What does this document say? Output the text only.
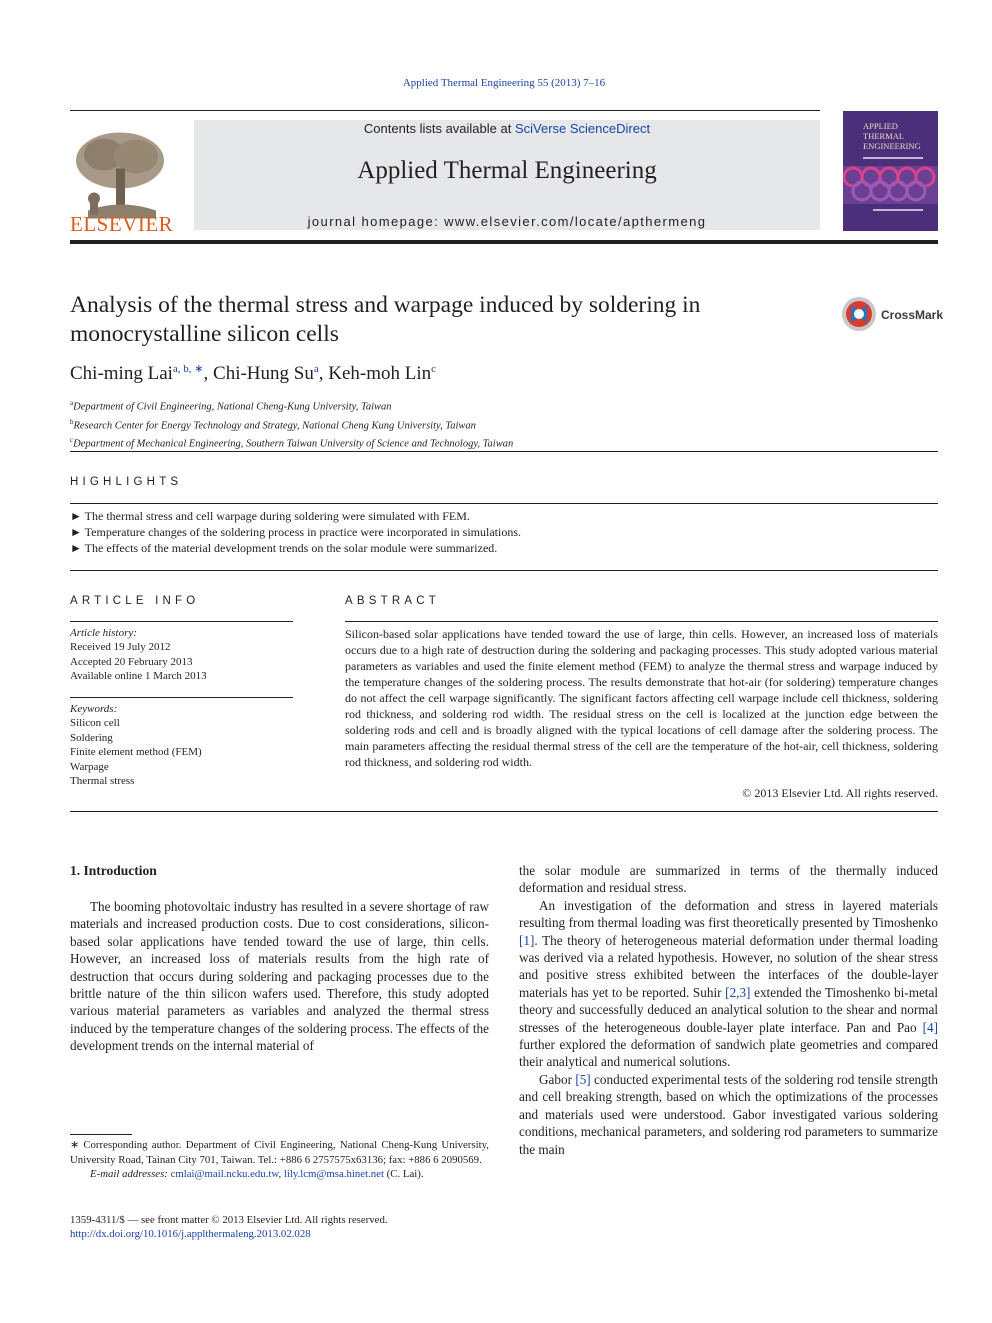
Applied Thermal Engineering 55 (2013) 7–16
ELSEVIER
Contents lists available at SciVerse ScienceDirect
Applied Thermal Engineering
journal homepage: www.elsevier.com/locate/apthermeng
APPLIED
THERMAL
ENGINEERING
Analysis of the thermal stress and warpage induced by soldering in monocrystalline silicon cells
CrossMark
Chi-ming Lai$^{a, b, ∗}$, Chi-Hung Su$^a$, Keh-moh Lin$^c$
$^a$Department of Civil Engineering, National Cheng-Kung University, Taiwan
$^b$Research Center for Energy Technology and Strategy, National Cheng Kung University, Taiwan
$^c$Department of Mechanical Engineering, Southern Taiwan University of Science and Technology, Taiwan
HIGHLIGHTS
► The thermal stress and cell warpage during soldering were simulated with FEM.
► Temperature changes of the soldering process in practice were incorporated in simulations.
► The effects of the material development trends on the solar module were summarized.
ARTICLE INFO
Article history:
Received 19 July 2012
Accepted 20 February 2013
Available online 1 March 2013
Keywords:
Silicon cell
Soldering
Finite element method (FEM)
Warpage
Thermal stress
ABSTRACT
Silicon-based solar applications have tended toward the use of large, thin cells. However, an increased loss of materials occurs due to a high rate of destruction during the soldering and packaging processes. This study adopted various material parameters as variables and used the finite element method (FEM) to analyze the thermal stress and warpage induced by the temperature changes of the soldering process. The results demonstrate that hot-air (for soldering) temperature changes do not affect the cell warpage significantly. The significant factors affecting cell warpage include cell thickness, soldering rod thickness, and soldering rod width. The residual stress on the cell is localized at the junction edge between the soldering rods and cell and is broadly aligned with the typical locations of cell damage after the soldering process. The main parameters affecting the residual thermal stress of the cell are the temperature of the hot-air, cell thickness, soldering rod thickness, and soldering rod width.
© 2013 Elsevier Ltd. All rights reserved.
1. Introduction

The booming photovoltaic industry has resulted in a severe shortage of raw materials and increased production costs. Due to cost considerations, silicon-based solar applications have tended toward the use of large, thin cells. However, an increased loss of materials results from the high rate of destruction that occurs during soldering and packaging processes due to the brittle nature of the thin silicon wafers used. Therefore, this study adopted various material parameters as variables and analyzed the thermal stress induced by the temperature changes of the soldering process. The effects of the development trends on the internal material of

the solar module are summarized in terms of the thermally induced deformation and residual stress.

An investigation of the deformation and stress in layered materials resulting from thermal loading was first theoretically presented by Timoshenko [1]. The theory of heterogeneous material deformation under thermal loading was derived via a related hypothesis. However, no solution of the shear stress and positive stress exhibited between the interfaces of the double-layer materials has yet to be reported. Suhir [2,3] extended the Timoshenko bi-metal theory and successfully deduced an analytical solution to the shear and normal stresses of the heterogeneous double-layer plate interface. Pan and Pao [4] further explored the deformation of sandwich plate geometries and compared their analytical and numerical solutions.

Gabor [5] conducted experimental tests of the soldering rod tensile strength and cell breaking strength, based on which the optimizations of the processes and materials used were understood. Gabor investigated various soldering conditions, mechanical parameters, and soldering rod parameters to summarize the main

∗ Corresponding author. Department of Civil Engineering, National Cheng-Kung University, University Road, Tainan City 701, Taiwan. Tel.: +886 6 2757575x63136; fax: +886 6 2090569.
E-mail addresses: cmlai@mail.ncku.edu.tw, lily.lcm@msa.hinet.net (C. Lai).
1359-4311/$ — see front matter © 2013 Elsevier Ltd. All rights reserved.
http://dx.doi.org/10.1016/j.applthermaleng.2013.02.028
